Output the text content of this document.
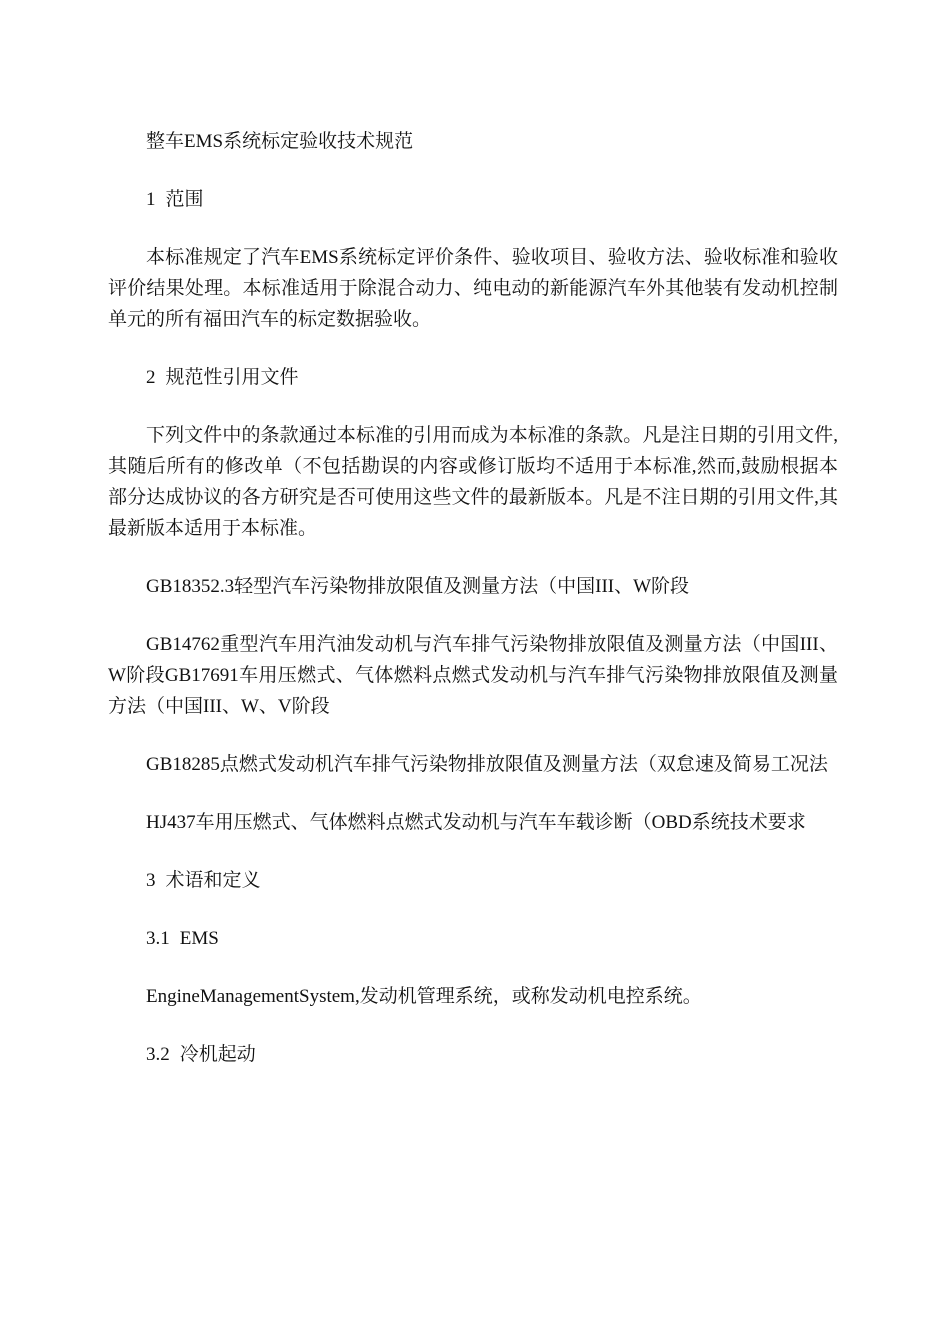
整车EMS系统标定验收技术规范

1 范围

本标准规定了汽车EMS系统标定评价条件、验收项目、验收方法、验收标准和验收评价结果处理。本标准适用于除混合动力、纯电动的新能源汽车外其他装有发动机控制单元的所有福田汽车的标定数据验收。

2 规范性引用文件

下列文件中的条款通过本标准的引用而成为本标准的条款。凡是注日期的引用文件,其随后所有的修改单（不包括勘误的内容或修订版均不适用于本标准,然而,鼓励根据本部分达成协议的各方研究是否可使用这些文件的最新版本。凡是不注日期的引用文件,其最新版本适用于本标准。

GB18352.3轻型汽车污染物排放限值及测量方法（中国III、W阶段

GB14762重型汽车用汽油发动机与汽车排气污染物排放限值及测量方法（中国III、W阶段GB17691车用压燃式、气体燃料点燃式发动机与汽车排气污染物排放限值及测量方法（中国III、W、V阶段

GB18285点燃式发动机汽车排气污染物排放限值及测量方法（双怠速及简易工况法

HJ437车用压燃式、气体燃料点燃式发动机与汽车车载诊断（OBD系统技术要求

3 术语和定义

3.1 EMS

EngineManagementSystem,发动机管理系统，或称发动机电控系统。

3.2 冷机起动
